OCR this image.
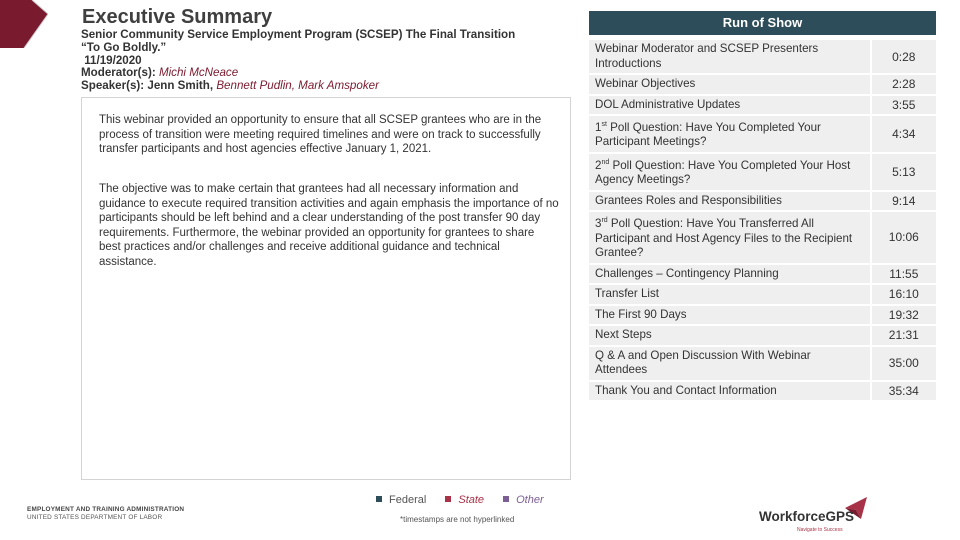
Executive Summary
Senior Community Service Employment Program (SCSEP) The Final Transition
“To Go Boldly.”
11/19/2020
Moderator(s): Michi McNeace
Speaker(s): Jenn Smith, Bennett Pudlin, Mark Amspoker

This webinar provided an opportunity to ensure that all SCSEP grantees who are in the process of transition were meeting required timelines and were on track to successfully transfer participants and host agencies effective January 1, 2021.

The objective was to make certain that grantees had all necessary information and guidance to execute required transition activities and again emphasis the importance of no participants should be left behind and a clear understanding of the post transfer 90 day requirements. Furthermore, the webinar provided an opportunity for grantees to share best practices and/or challenges and receive additional guidance and technical assistance.

Run of Show
Webinar Moderator and SCSEP Presenters Introductions	0:28
Webinar Objectives	2:28
DOL Administrative Updates	3:55
1st Poll Question: Have You Completed Your Participant Meetings?	4:34
2nd Poll Question: Have You Completed Your Host Agency Meetings?	5:13
Grantees Roles and Responsibilities	9:14
3rd Poll Question: Have You Transferred All Participant and Host Agency Files to the Recipient Grantee?	10:06
Challenges – Contingency Planning	11:55
Transfer List	16:10
The First 90 Days	19:32
Next Steps	21:31
Q & A and Open Discussion With Webinar Attendees	35:00
Thank You and Contact Information	35:34
Federal	State	Other
*timestamps are not hyperlinked
EMPLOYMENT AND TRAINING ADMINISTRATION
UNITED STATES DEPARTMENT OF LABOR	WorkforceGPS
Navigate to Success
